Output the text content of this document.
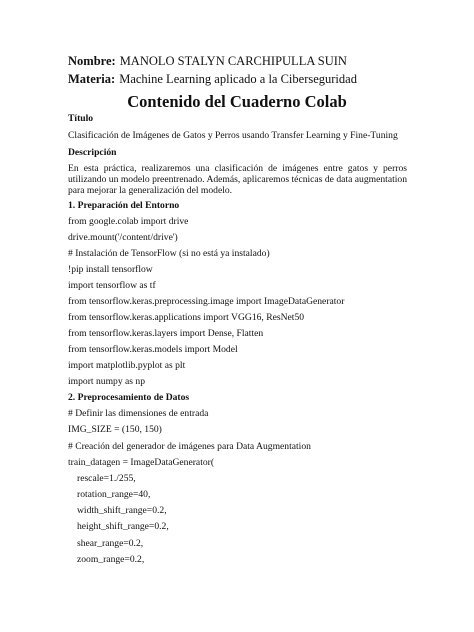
Nombre: MANOLO STALYN CARCHIPULLA SUIN
Materia: Machine Learning aplicado a la Ciberseguridad
Contenido del Cuaderno Colab
Título
Clasificación de Imágenes de Gatos y Perros usando Transfer Learning y Fine-Tuning
Descripción
En esta práctica, realizaremos una clasificación de imágenes entre gatos y perros utilizando un modelo preentrenado. Además, aplicaremos técnicas de data augmentation para mejorar la generalización del modelo.
1. Preparación del Entorno
from google.colab import drive
drive.mount('/content/drive')
# Instalación de TensorFlow (si no está ya instalado)
!pip install tensorflow
import tensorflow as tf
from tensorflow.keras.preprocessing.image import ImageDataGenerator
from tensorflow.keras.applications import VGG16, ResNet50
from tensorflow.keras.layers import Dense, Flatten
from tensorflow.keras.models import Model
import matplotlib.pyplot as plt
import numpy as np
2. Preprocesamiento de Datos
# Definir las dimensiones de entrada
IMG_SIZE = (150, 150)
# Creación del generador de imágenes para Data Augmentation
train_datagen = ImageDataGenerator(
rescale=1./255,
rotation_range=40,
width_shift_range=0.2,
height_shift_range=0.2,
shear_range=0.2,
zoom_range=0.2,
